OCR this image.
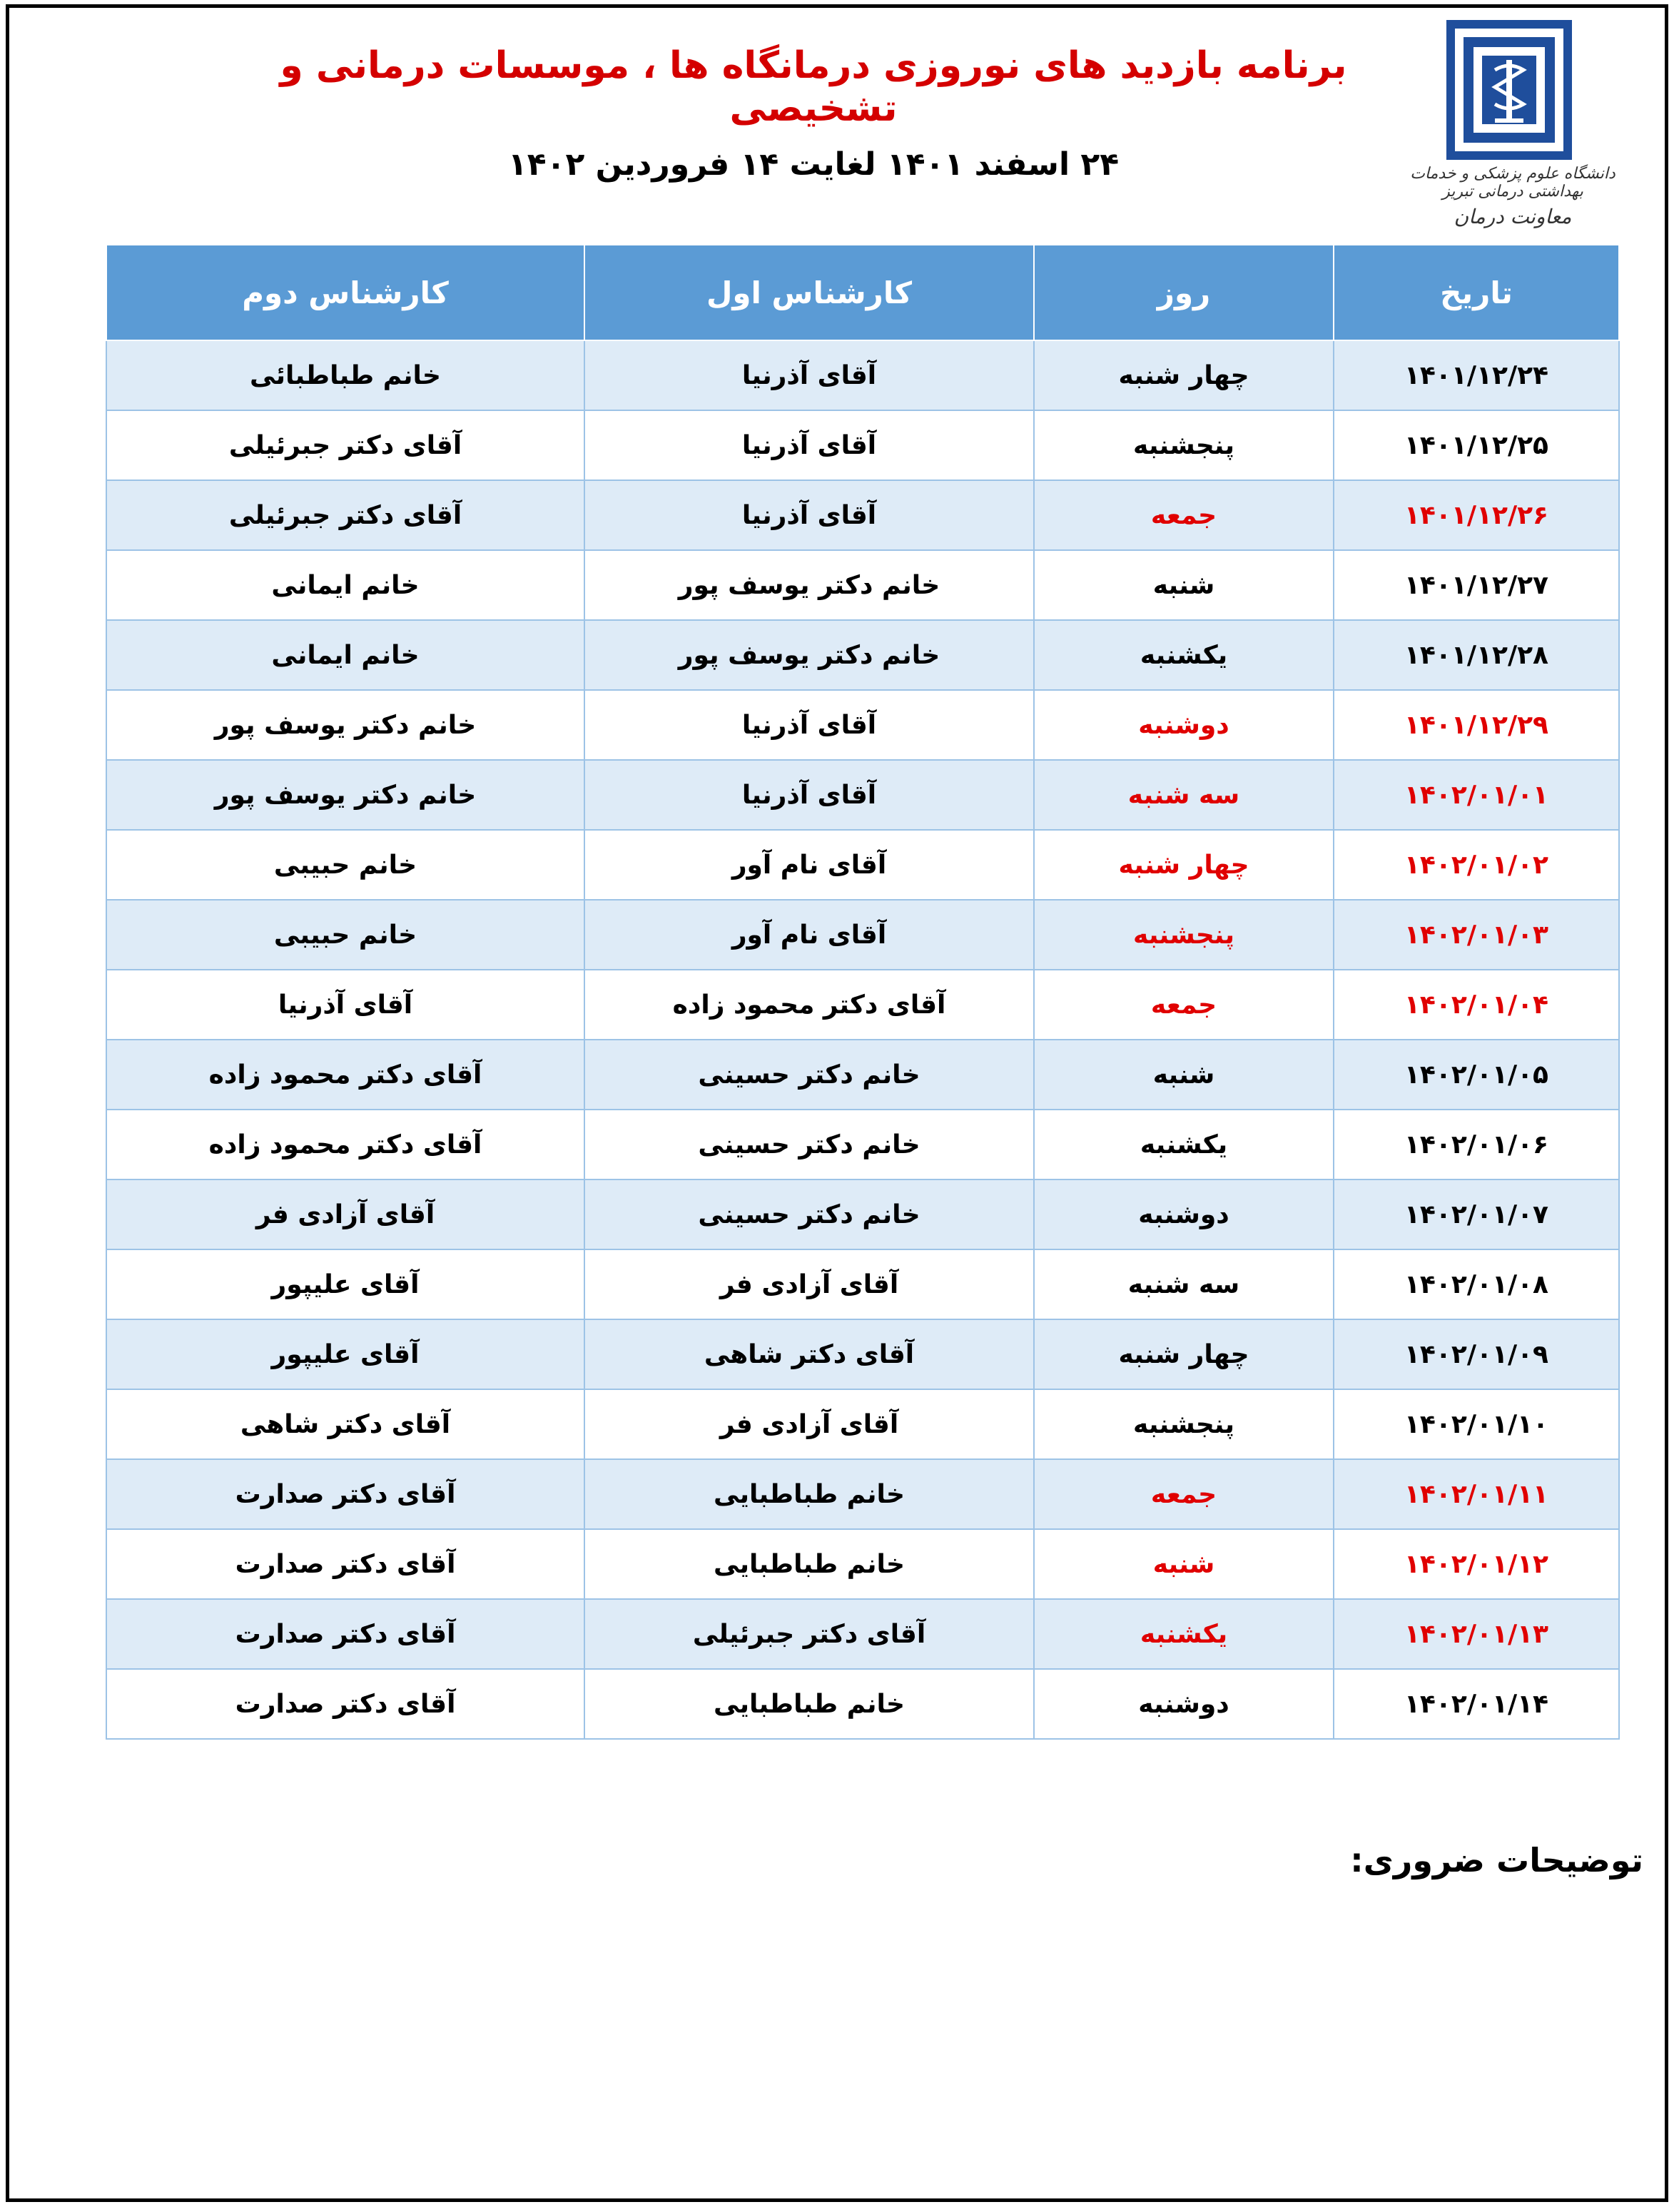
دانشگاه علوم پزشکی و خدمات بهداشتی درمانی تبریز
معاونت درمان
برنامه بازدید های نوروزی درمانگاه ها ، موسسات درمانی و تشخیصی
۲۴ اسفند ۱۴۰۱ لغایت ۱۴ فروردین ۱۴۰۲
تاریخ	روز	کارشناس اول	کارشناس دوم
۱۴۰۱/۱۲/۲۴	چهار شنبه	آقای آذرنیا	خانم طباطبائی
۱۴۰۱/۱۲/۲۵	پنجشنبه	آقای آذرنیا	آقای دکتر جبرئیلی
۱۴۰۱/۱۲/۲۶	جمعه	آقای آذرنیا	آقای دکتر جبرئیلی
۱۴۰۱/۱۲/۲۷	شنبه	خانم دکتر یوسف پور	خانم ایمانی
۱۴۰۱/۱۲/۲۸	یکشنبه	خانم دکتر یوسف پور	خانم ایمانی
۱۴۰۱/۱۲/۲۹	دوشنبه	آقای آذرنیا	خانم دکتر یوسف پور
۱۴۰۲/۰۱/۰۱	سه شنبه	آقای آذرنیا	خانم دکتر یوسف پور
۱۴۰۲/۰۱/۰۲	چهار شنبه	آقای نام آور	خانم حبیبی
۱۴۰۲/۰۱/۰۳	پنجشنبه	آقای نام آور	خانم حبیبی
۱۴۰۲/۰۱/۰۴	جمعه	آقای دکتر محمود زاده	آقای آذرنیا
۱۴۰۲/۰۱/۰۵	شنبه	خانم دکتر حسینی	آقای دکتر محمود زاده
۱۴۰۲/۰۱/۰۶	یکشنبه	خانم دکتر حسینی	آقای دکتر محمود زاده
۱۴۰۲/۰۱/۰۷	دوشنبه	خانم دکتر حسینی	آقای آزادی فر
۱۴۰۲/۰۱/۰۸	سه شنبه	آقای آزادی فر	آقای علیپور
۱۴۰۲/۰۱/۰۹	چهار شنبه	آقای دکتر شاهی	آقای علیپور
۱۴۰۲/۰۱/۱۰	پنجشنبه	آقای آزادی فر	آقای دکتر شاهی
۱۴۰۲/۰۱/۱۱	جمعه	خانم طباطبایی	آقای دکتر صدارت
۱۴۰۲/۰۱/۱۲	شنبه	خانم طباطبایی	آقای دکتر صدارت
۱۴۰۲/۰۱/۱۳	یکشنبه	آقای دکتر جبرئیلی	آقای دکتر صدارت
۱۴۰۲/۰۱/۱۴	دوشنبه	خانم طباطبایی	آقای دکتر صدارت
توضیحات ضروری:
